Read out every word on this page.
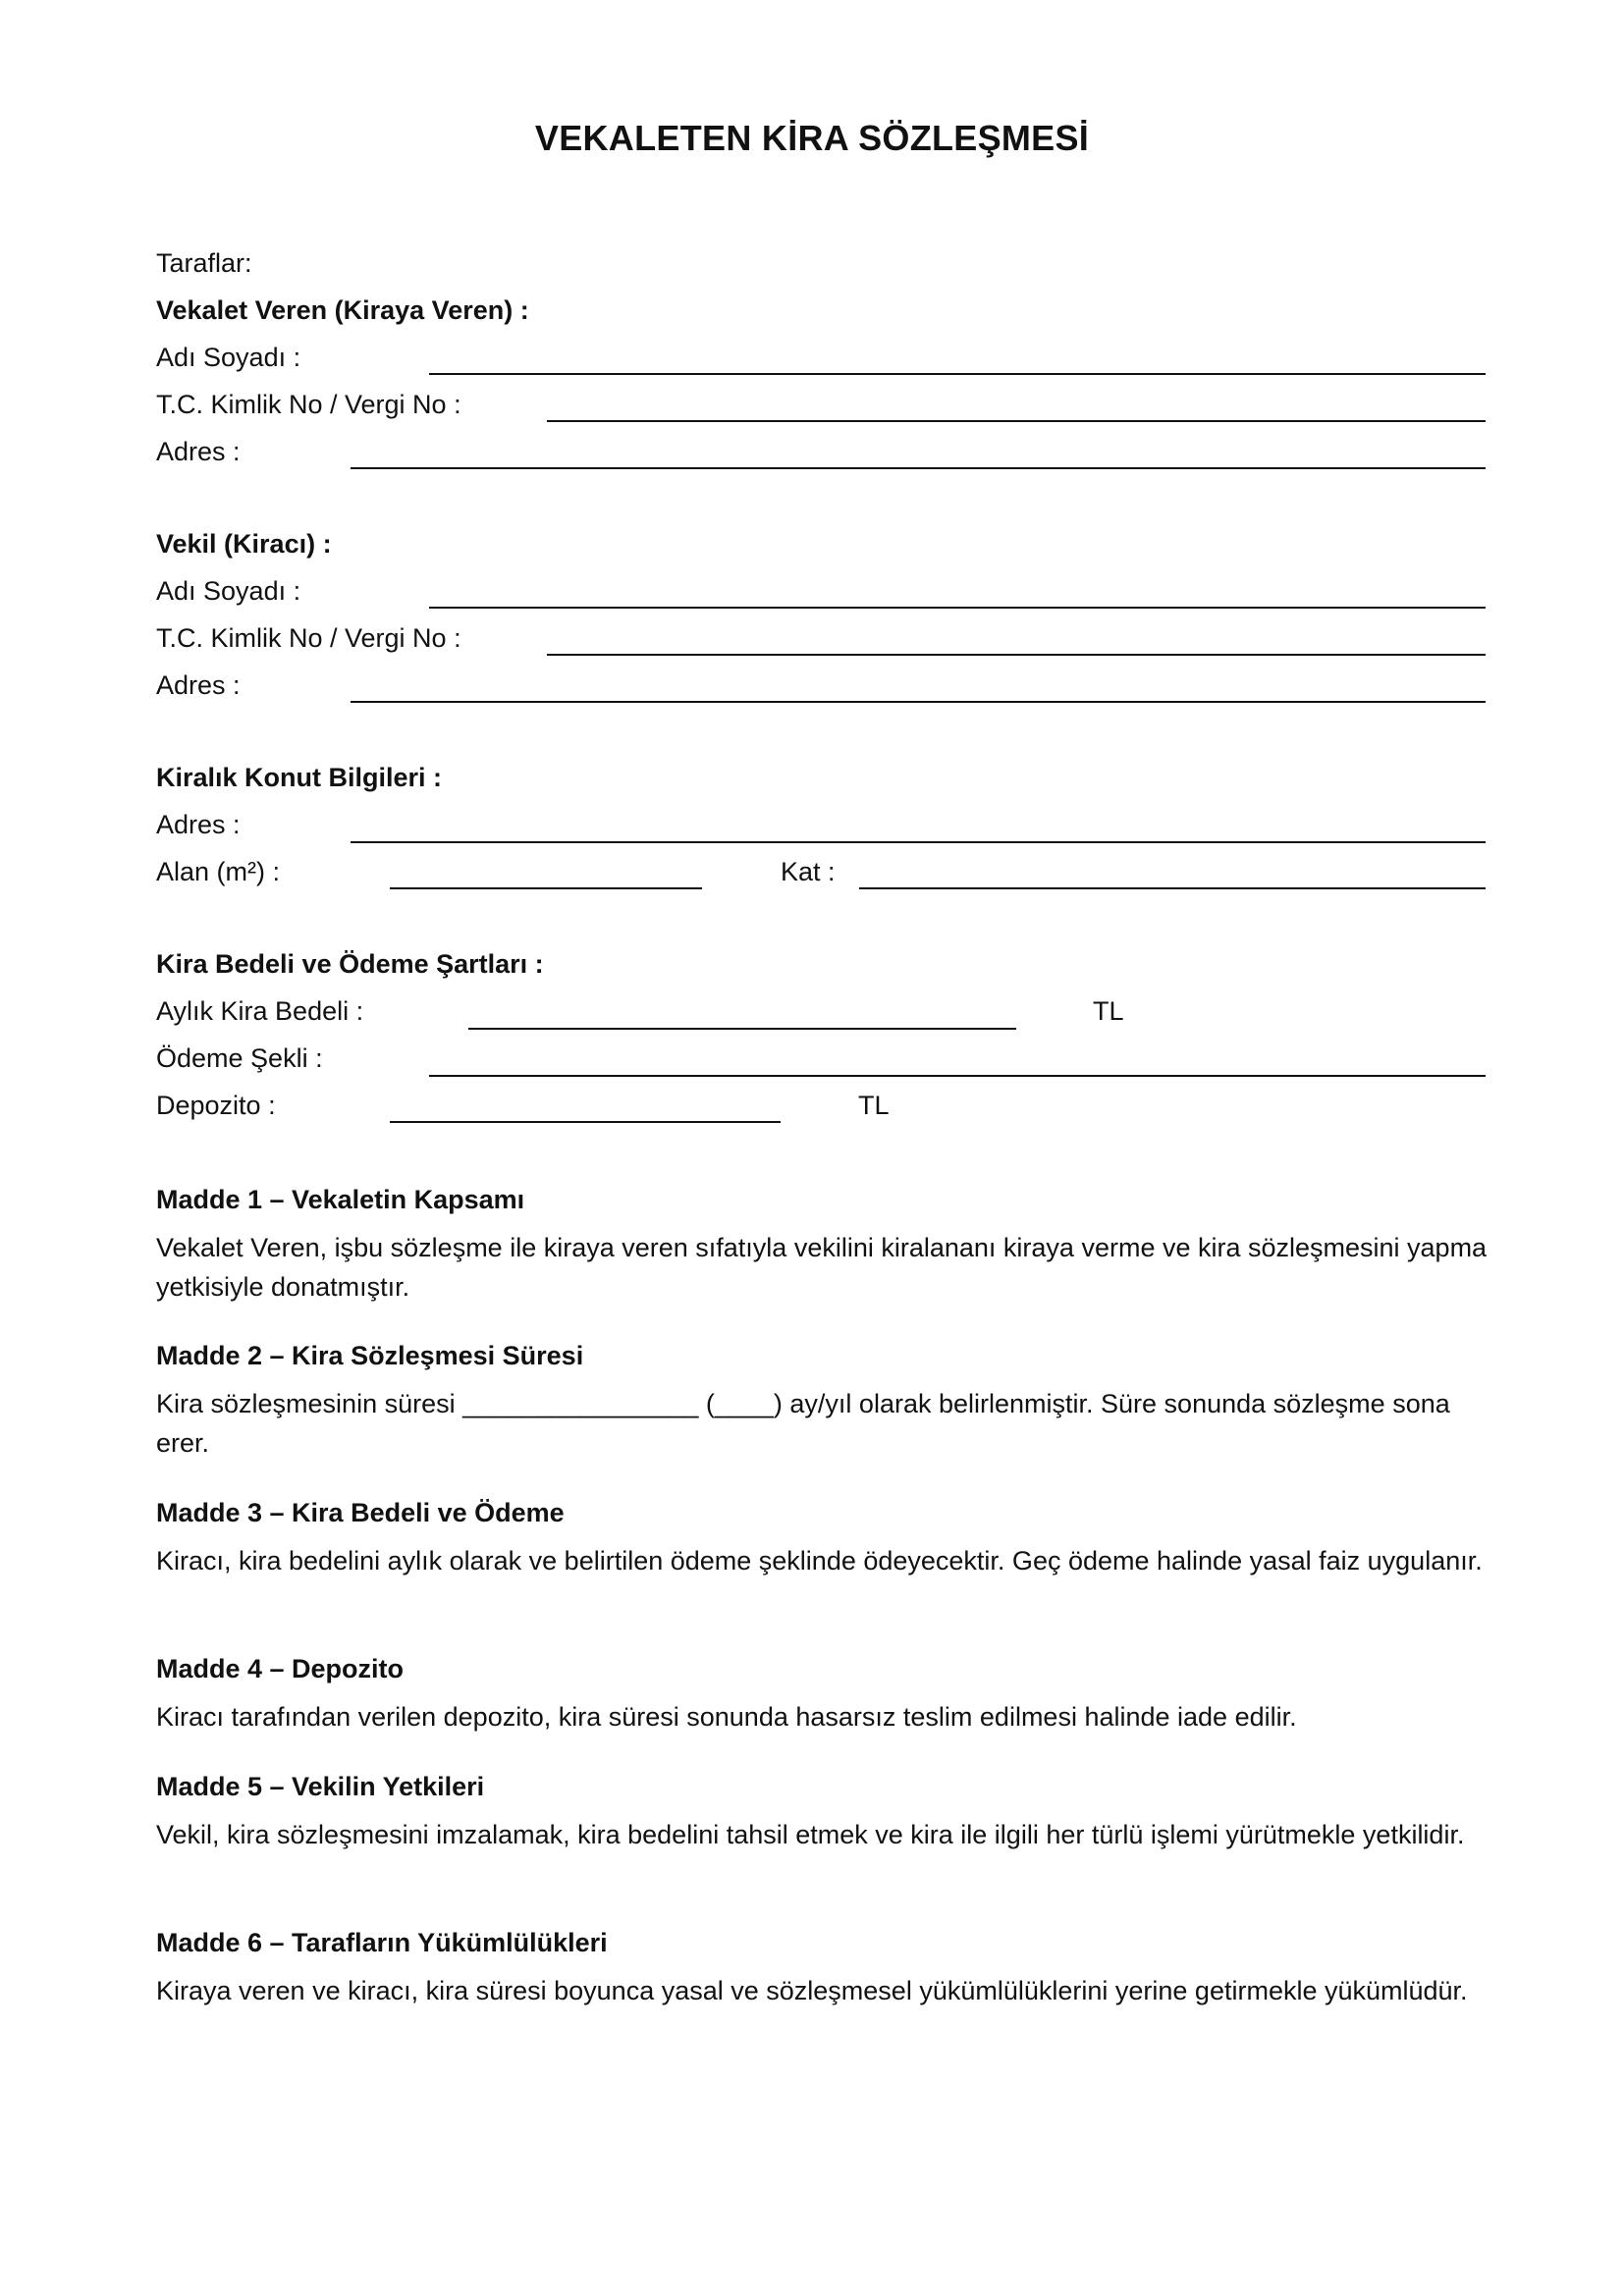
VEKALETEN KİRA SÖZLEŞMESİ
Taraflar:
Vekalet Veren (Kiraya Veren) :
Adı Soyadı :
T.C. Kimlik No / Vergi No :
Adres :
Vekil (Kiracı) :
Adı Soyadı :
T.C. Kimlik No / Vergi No :
Adres :
Kiralık Konut Bilgileri :
Adres :
Alan (m²) :	Kat :
Kira Bedeli ve Ödeme Şartları :
Aylık Kira Bedeli :	TL
Ödeme Şekli :
Depozito :	TL
Madde 1 – Vekaletin Kapsamı
Vekalet Veren, işbu sözleşme ile kiraya veren sıfatıyla vekilini kiralananı kiraya verme ve kira sözleşmesini yapma yetkisiyle donatmıştır.
Madde 2 – Kira Sözleşmesi Süresi
Kira sözleşmesinin süresi ________________ (____) ay/yıl olarak belirlenmiştir. Süre sonunda sözleşme sona erer.
Madde 3 – Kira Bedeli ve Ödeme
Kiracı, kira bedelini aylık olarak ve belirtilen ödeme şeklinde ödeyecektir. Geç ödeme halinde yasal faiz uygulanır.
Madde 4 – Depozito
Kiracı tarafından verilen depozito, kira süresi sonunda hasarsız teslim edilmesi halinde iade edilir.
Madde 5 – Vekilin Yetkileri
Vekil, kira sözleşmesini imzalamak, kira bedelini tahsil etmek ve kira ile ilgili her türlü işlemi yürütmekle yetkilidir.
Madde 6 – Tarafların Yükümlülükleri
Kiraya veren ve kiracı, kira süresi boyunca yasal ve sözleşmesel yükümlülüklerini yerine getirmekle yükümlüdür.
